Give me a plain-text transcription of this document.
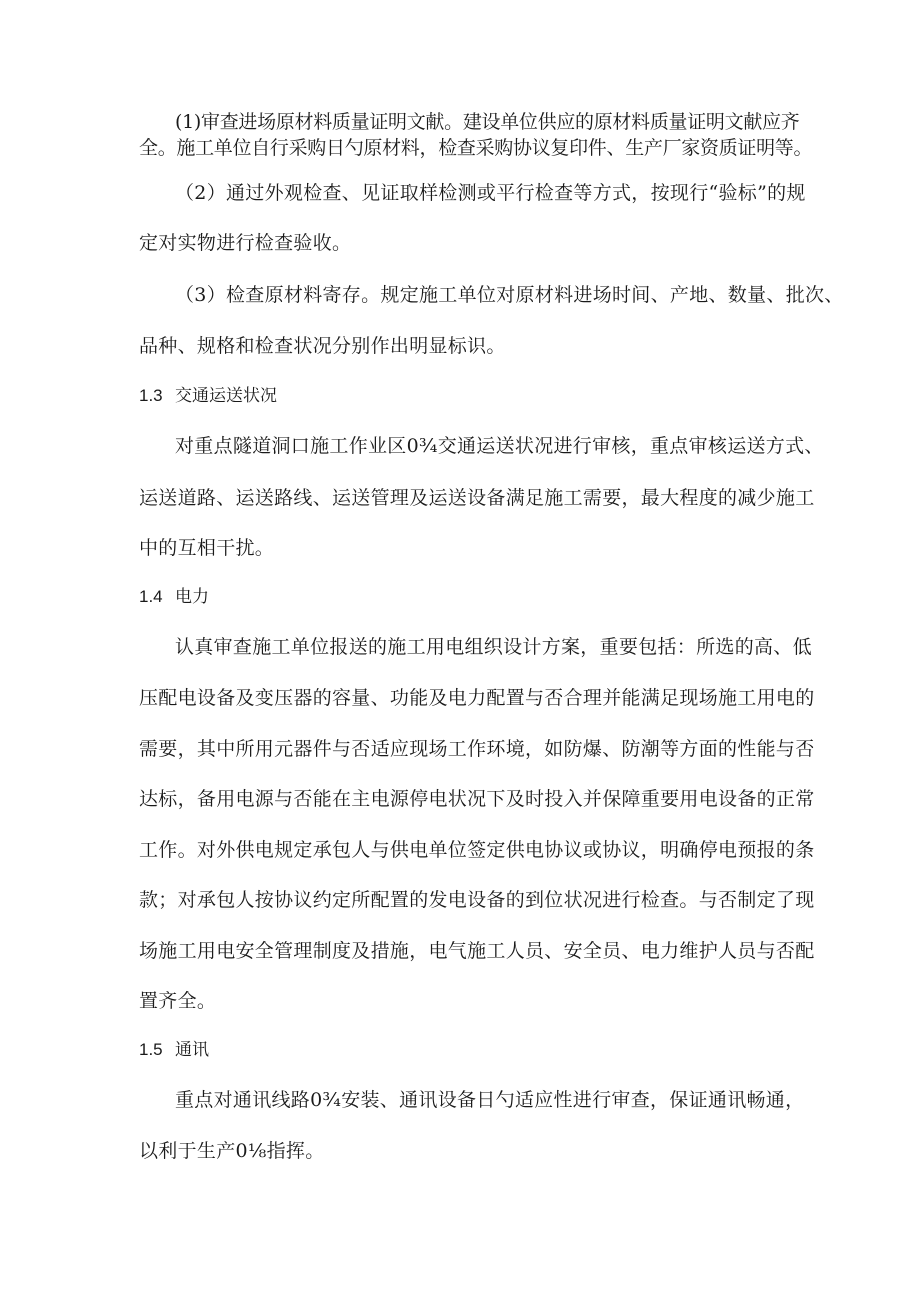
(1)审查进场原材料质量证明文献。建设单位供应的原材料质量证明文献应齐
全。施工单位自行采购日勺原材料，检查采购协议复印件、生产厂家资质证明等。
（2）通过外观检查、见证取样检测或平行检查等方式，按现行“验标”的规
定对实物进行检查验收。
（3）检查原材料寄存。规定施工单位对原材料进场时间、产地、数量、批次、
品种、规格和检查状况分别作出明显标识。
1.3 交通运送状况
对重点隧道洞口施工作业区0¾交通运送状况进行审核，重点审核运送方式、
运送道路、运送路线、运送管理及运送设备满足施工需要，最大程度的减少施工
中的互相干扰。
1.4 电力
认真审查施工单位报送的施工用电组织设计方案，重要包括：所选的高、低
压配电设备及变压器的容量、功能及电力配置与否合理并能满足现场施工用电的
需要，其中所用元器件与否适应现场工作环境，如防爆、防潮等方面的性能与否
达标，备用电源与否能在主电源停电状况下及时投入并保障重要用电设备的正常
工作。对外供电规定承包人与供电单位签定供电协议或协议，明确停电预报的条
款；对承包人按协议约定所配置的发电设备的到位状况进行检查。与否制定了现
场施工用电安全管理制度及措施，电气施工人员、安全员、电力维护人员与否配
置齐全。
1.5 通讯
重点对通讯线路0¾安装、通讯设备日勺适应性进行审查，保证通讯畅通，
以利于生产0⅛指挥。
